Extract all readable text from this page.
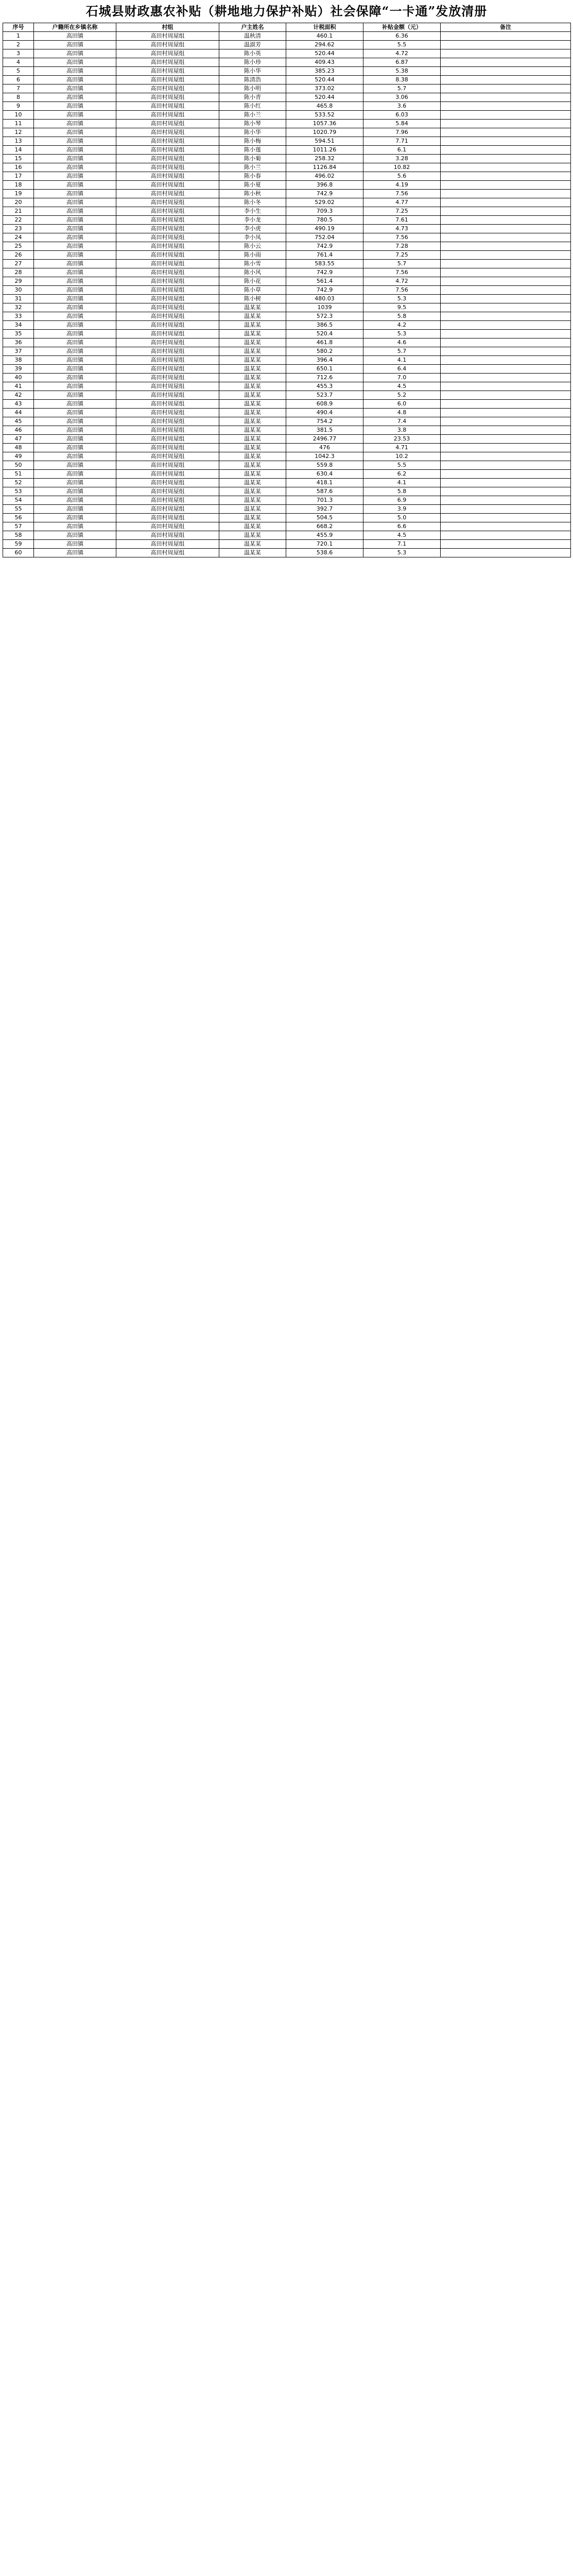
石城县财政惠农补贴（耕地地力保护补贴）社会保障“一卡通”发放清册
序号	户籍所在乡镇名称	村组	户主姓名	计税面积	补贴金额（元）	备注
1	高田镇	高田村周屋组	温秋清	460.1	6.36	
2	高田镇	高田村周屋组	温淑芳	294.62	5.5	
3	高田镇	高田村周屋组	陈小英	520.44	4.72	
4	高田镇	高田村周屋组	陈小珍	409.43	6.87	
5	高田镇	高田村周屋组	陈小华	385.23	5.38	
6	高田镇	高田村周屋组	陈清浩	520.44	8.38	
7	高田镇	高田村周屋组	陈小明	373.02	5.7	
8	高田镇	高田村周屋组	陈小青	520.44	3.06	
9	高田镇	高田村周屋组	陈小红	465.8	3.6	
10	高田镇	高田村周屋组	陈小兰	533.52	6.03	
11	高田镇	高田村周屋组	陈小琴	1057.36	5.84	
12	高田镇	高田村周屋组	陈小华	1020.79	7.96	
13	高田镇	高田村周屋组	陈小梅	594.51	7.71	
14	高田镇	高田村周屋组	陈小莲	1011.26	6.1	
15	高田镇	高田村周屋组	陈小菊	258.32	3.28	
16	高田镇	高田村周屋组	陈小兰	1126.84	10.82	
17	高田镇	高田村周屋组	陈小春	496.02	5.6	
18	高田镇	高田村周屋组	陈小夏	396.8	4.19	
19	高田镇	高田村周屋组	陈小秋	742.9	7.56	
20	高田镇	高田村周屋组	陈小冬	529.02	4.77	
21	高田镇	高田村周屋组	李小生	709.3	7.25	
22	高田镇	高田村周屋组	李小龙	780.5	7.61	
23	高田镇	高田村周屋组	李小虎	490.19	4.73	
24	高田镇	高田村周屋组	李小凤	752.04	7.56	
25	高田镇	高田村周屋组	陈小云	742.9	7.28	
26	高田镇	高田村周屋组	陈小雨	761.4	7.25	
27	高田镇	高田村周屋组	陈小雪	583.55	5.7	
28	高田镇	高田村周屋组	陈小风	742.9	7.56	
29	高田镇	高田村周屋组	陈小花	561.4	4.72	
30	高田镇	高田村周屋组	陈小草	742.9	7.56	
31	高田镇	高田村周屋组	陈小树	480.03	5.3	
32	高田镇	高田村周屋组	温某某	1039	9.5	
33	高田镇	高田村周屋组	温某某	572.3	5.8	
34	高田镇	高田村周屋组	温某某	386.5	4.2	
35	高田镇	高田村周屋组	温某某	520.4	5.3	
36	高田镇	高田村周屋组	温某某	461.8	4.6	
37	高田镇	高田村周屋组	温某某	580.2	5.7	
38	高田镇	高田村周屋组	温某某	396.4	4.1	
39	高田镇	高田村周屋组	温某某	650.1	6.4	
40	高田镇	高田村周屋组	温某某	712.6	7.0	
41	高田镇	高田村周屋组	温某某	455.3	4.5	
42	高田镇	高田村周屋组	温某某	523.7	5.2	
43	高田镇	高田村周屋组	温某某	608.9	6.0	
44	高田镇	高田村周屋组	温某某	490.4	4.8	
45	高田镇	高田村周屋组	温某某	754.2	7.4	
46	高田镇	高田村周屋组	温某某	381.5	3.8	
47	高田镇	高田村周屋组	温某某	2496.77	23.53	
48	高田镇	高田村周屋组	温某某	476	4.71	
49	高田镇	高田村周屋组	温某某	1042.3	10.2	
50	高田镇	高田村周屋组	温某某	559.8	5.5	
51	高田镇	高田村周屋组	温某某	630.4	6.2	
52	高田镇	高田村周屋组	温某某	418.1	4.1	
53	高田镇	高田村周屋组	温某某	587.6	5.8	
54	高田镇	高田村周屋组	温某某	701.3	6.9	
55	高田镇	高田村周屋组	温某某	392.7	3.9	
56	高田镇	高田村周屋组	温某某	504.5	5.0	
57	高田镇	高田村周屋组	温某某	668.2	6.6	
58	高田镇	高田村周屋组	温某某	455.9	4.5	
59	高田镇	高田村周屋组	温某某	720.1	7.1	
60	高田镇	高田村周屋组	温某某	538.6	5.3	
